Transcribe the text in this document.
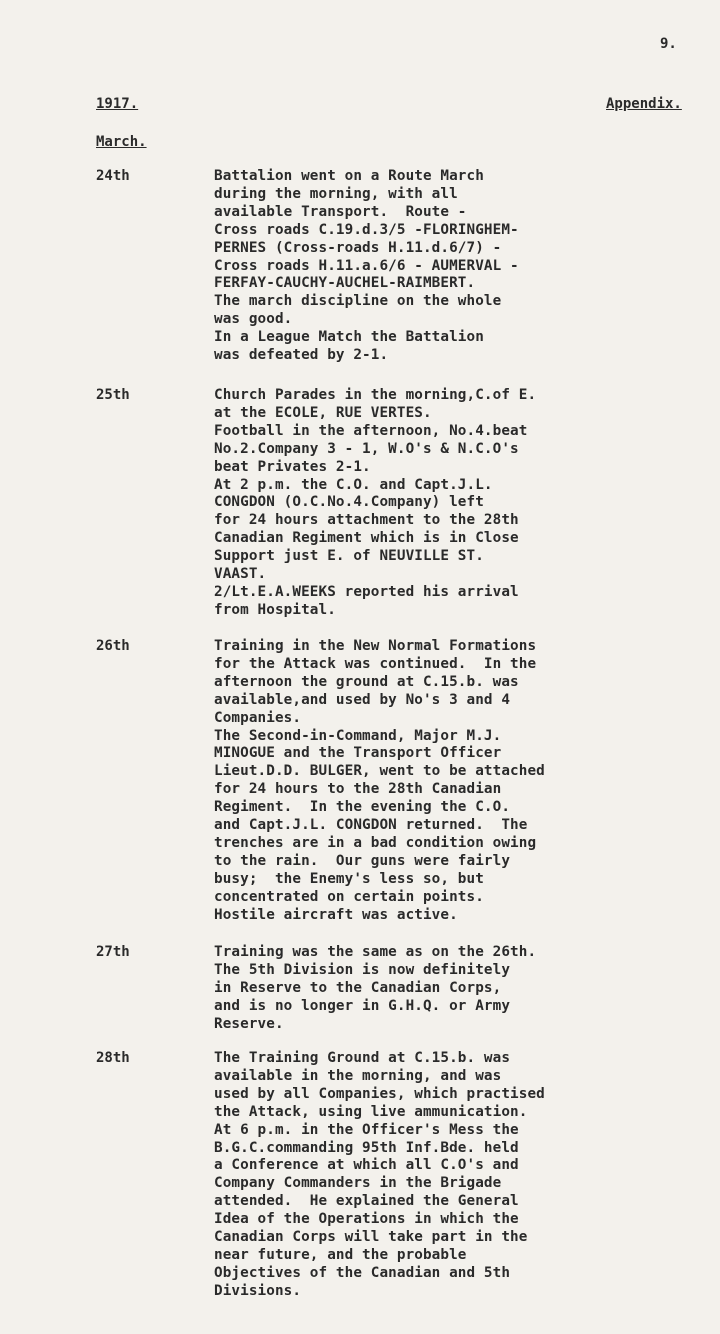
9.
1917.	Appendix.
March.
24th	Battalion went on a Route March
during the morning, with all
available Transport.  Route -
Cross roads C.19.d.3/5 -FLORINGHEM-
PERNES (Cross-roads H.11.d.6/7) -
Cross roads H.11.a.6/6 - AUMERVAL -
FERFAY-CAUCHY-AUCHEL-RAIMBERT.
The march discipline on the whole
was good.
In a League Match the Battalion
was defeated by 2-1.
25th	Church Parades in the morning,C.of E.
at the ECOLE, RUE VERTES.
Football in the afternoon, No.4.beat
No.2.Company 3 - 1, W.O's & N.C.O's
beat Privates 2-1.
At 2 p.m. the C.O. and Capt.J.L.
CONGDON (O.C.No.4.Company) left
for 24 hours attachment to the 28th
Canadian Regiment which is in Close
Support just E. of NEUVILLE ST.
VAAST.
2/Lt.E.A.WEEKS reported his arrival
from Hospital.
26th	Training in the New Normal Formations
for the Attack was continued.  In the
afternoon the ground at C.15.b. was
available,and used by No's 3 and 4
Companies.
The Second-in-Command, Major M.J.
MINOGUE and the Transport Officer
Lieut.D.D. BULGER, went to be attached
for 24 hours to the 28th Canadian
Regiment.  In the evening the C.O.
and Capt.J.L. CONGDON returned.  The
trenches are in a bad condition owing
to the rain.  Our guns were fairly
busy;  the Enemy's less so, but
concentrated on certain points.
Hostile aircraft was active.
27th	Training was the same as on the 26th.
The 5th Division is now definitely
in Reserve to the Canadian Corps,
and is no longer in G.H.Q. or Army
Reserve.
28th	The Training Ground at C.15.b. was
available in the morning, and was
used by all Companies, which practised
the Attack, using live ammunication.
At 6 p.m. in the Officer's Mess the
B.G.C.commanding 95th Inf.Bde. held
a Conference at which all C.O's and
Company Commanders in the Brigade
attended.  He explained the General
Idea of the Operations in which the
Canadian Corps will take part in the
near future, and the probable
Objectives of the Canadian and 5th
Divisions.
